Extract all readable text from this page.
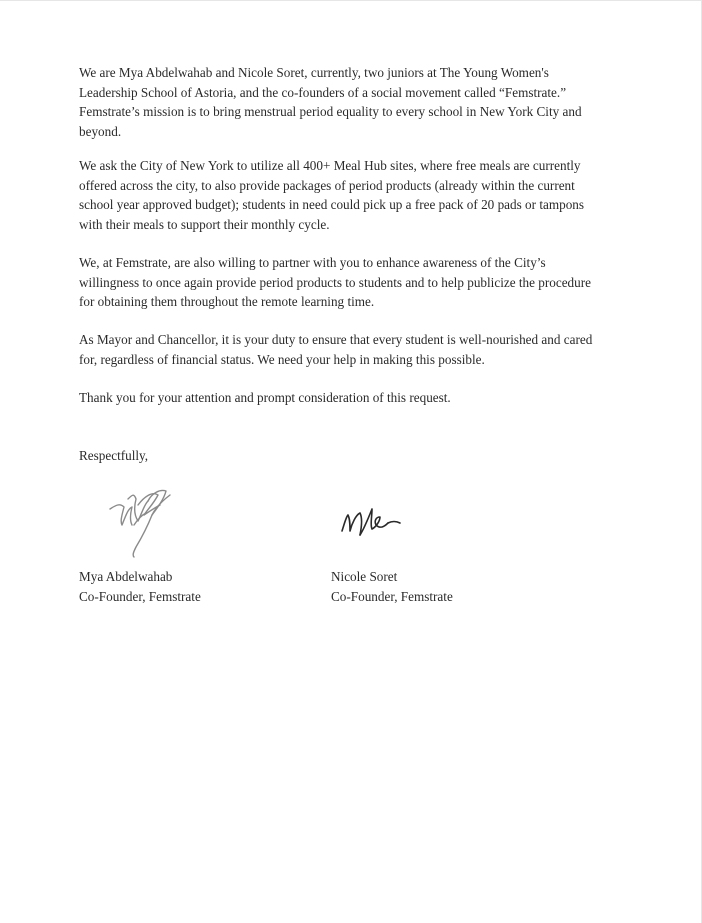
We are Mya Abdelwahab and Nicole Soret, currently, two juniors at The Young Women's
Leadership School of Astoria, and the co-founders of a social movement called “Femstrate.”
Femstrate’s mission is to bring menstrual period equality to every school in New York City and
beyond.

We ask the City of New York to utilize all 400+ Meal Hub sites, where free meals are currently
offered across the city, to also provide packages of period products (already within the current
school year approved budget); students in need could pick up a free pack of 20 pads or tampons
with their meals to support their monthly cycle.

We, at Femstrate, are also willing to partner with you to enhance awareness of the City’s
willingness to once again provide period products to students and to help publicize the procedure
for obtaining them throughout the remote learning time.

As Mayor and Chancellor, it is your duty to ensure that every student is well-nourished and cared
for, regardless of financial status. We need your help in making this possible.

Thank you for your attention and prompt consideration of this request.

Respectfully,

Mya Abdelwahab
Co-Founder, Femstrate
Nicole Soret
Co-Founder, Femstrate
